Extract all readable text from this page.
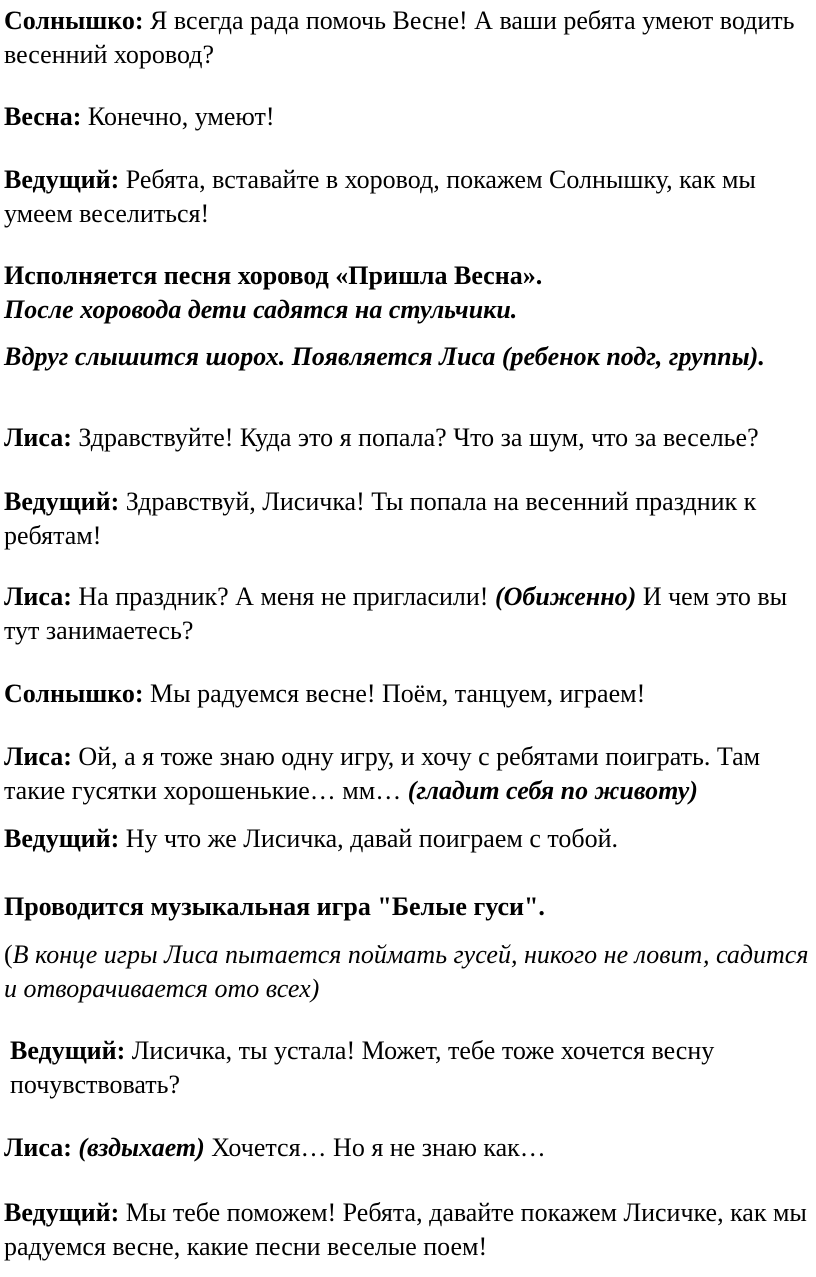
Солнышко: Я всегда рада помочь Весне! А ваши ребята умеют водить весенний хоровод?

Весна: Конечно, умеют!

Ведущий: Ребята, вставайте в хоровод, покажем Солнышку, как мы умеем веселиться!

Исполняется песня хоровод «Пришла Весна».
После хоровода дети садятся на стульчики.

Вдруг слышится шорох. Появляется Лиса (ребенок подг, группы).

Лиса: Здравствуйте! Куда это я попала? Что за шум, что за веселье?

Ведущий: Здравствуй, Лисичка! Ты попала на весенний праздник к ребятам!

Лиса: На праздник? А меня не пригласили! (Обиженно) И чем это вы тут занимаетесь?

Солнышко: Мы радуемся весне! Поём, танцуем, играем!

Лиса: Ой, а я тоже знаю одну игру, и хочу с ребятами поиграть. Там такие гусятки хорошенькие… мм… (гладит себя по животу)

Ведущий: Ну что же Лисичка, давай поиграем с тобой.

Проводится музыкальная игра "Белые гуси".

(В конце игры Лиса пытается поймать гусей, никого не ловит, садится и отворачивается ото всех)

Ведущий: Лисичка, ты устала! Может, тебе тоже хочется весну почувствовать?

Лиса: (вздыхает) Хочется… Но я не знаю как…

Ведущий: Мы тебе поможем! Ребята, давайте покажем Лисичке, как мы радуемся весне, какие песни веселые поем!
